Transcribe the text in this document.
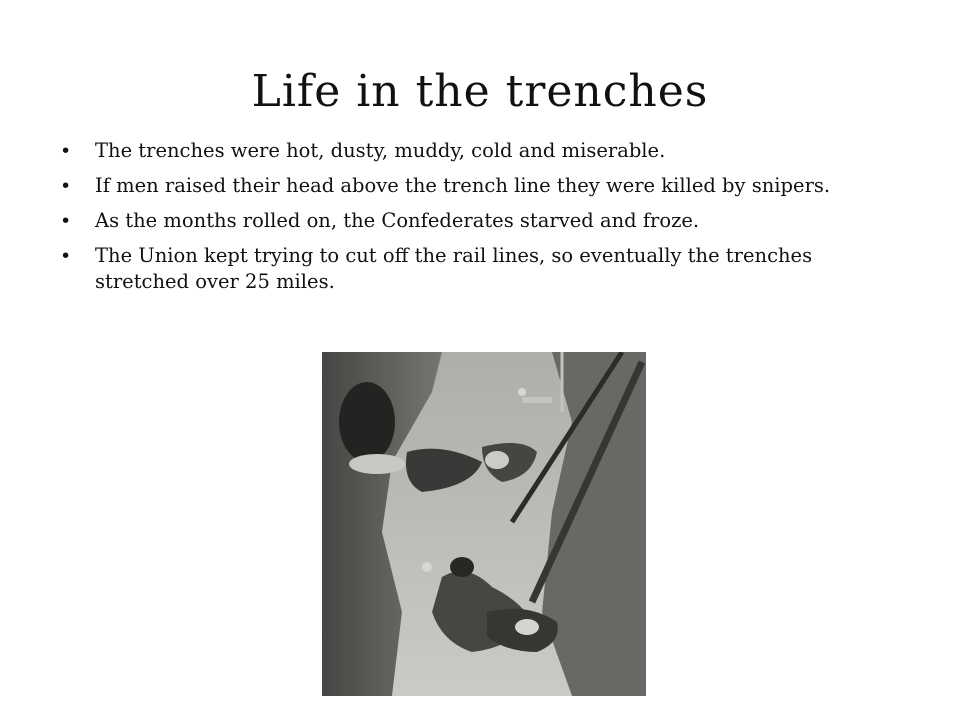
Life in the trenches
• The trenches were hot, dusty, muddy, cold and miserable.
• If men raised their head above the trench line they were killed by snipers.
• As the months rolled on, the Confederates starved and froze.
• The Union kept trying to cut off the rail lines, so eventually the trenches stretched over 25 miles.
